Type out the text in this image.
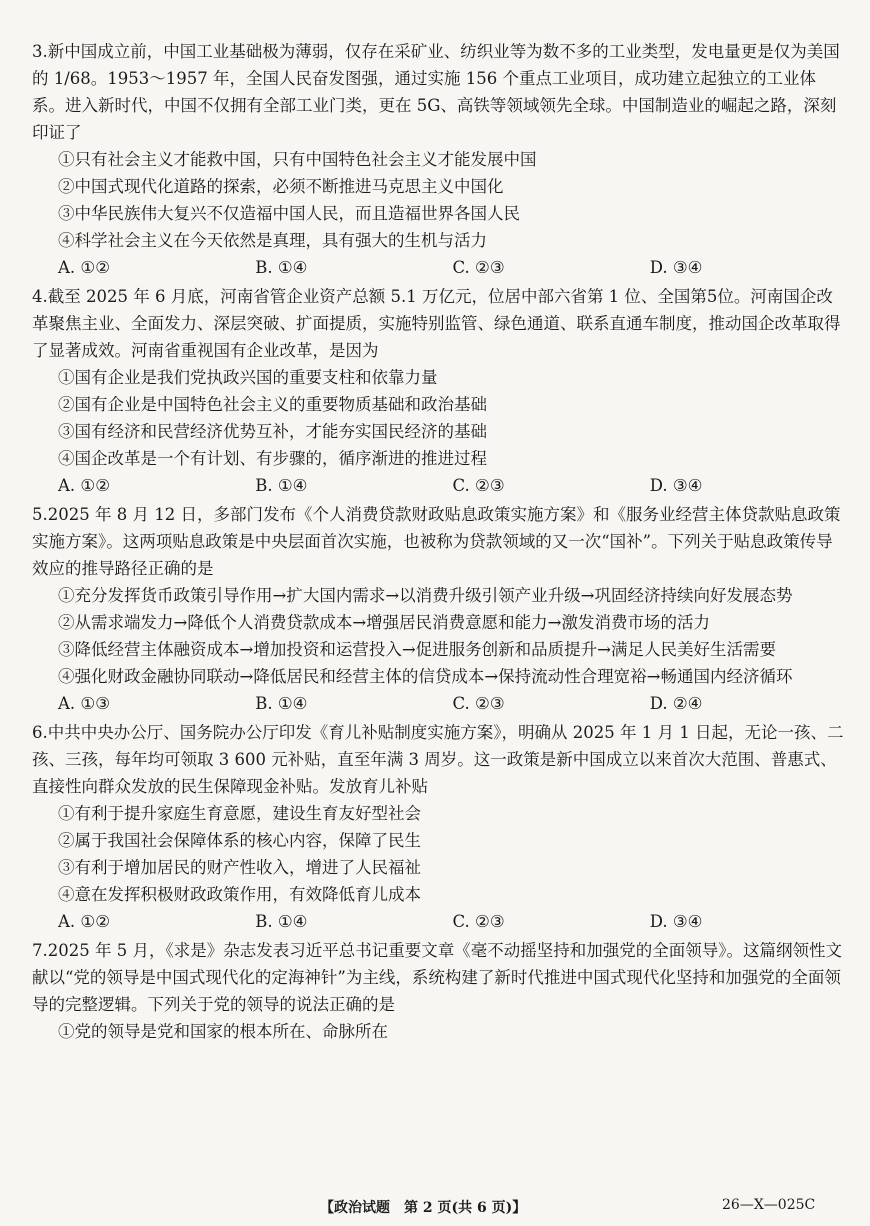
3.新中国成立前，中国工业基础极为薄弱，仅存在采矿业、纺织业等为数不多的工业类型，发电量更是仅为美国的 1/68。1953～1957 年，全国人民奋发图强，通过实施 156 个重点工业项目，成功建立起独立的工业体系。进入新时代，中国不仅拥有全部工业门类，更在 5G、高铁等领域领先全球。中国制造业的崛起之路，深刻印证了
①只有社会主义才能救中国，只有中国特色社会主义才能发展中国
②中国式现代化道路的探索，必须不断推进马克思主义中国化
③中华民族伟大复兴不仅造福中国人民，而且造福世界各国人民
④科学社会主义在今天依然是真理，具有强大的生机与活力
A. ①②	B. ①④	C. ②③	D. ③④
4.截至 2025 年 6 月底，河南省管企业资产总额 5.1 万亿元，位居中部六省第 1 位、全国第5位。河南国企改革聚焦主业、全面发力、深层突破、扩面提质，实施特别监管、绿色通道、联系直通车制度，推动国企改革取得了显著成效。河南省重视国有企业改革，是因为
①国有企业是我们党执政兴国的重要支柱和依靠力量
②国有企业是中国特色社会主义的重要物质基础和政治基础
③国有经济和民营经济优势互补，才能夯实国民经济的基础
④国企改革是一个有计划、有步骤的，循序渐进的推进过程
A. ①②	B. ①④	C. ②③	D. ③④
5.2025 年 8 月 12 日，多部门发布《个人消费贷款财政贴息政策实施方案》和《服务业经营主体贷款贴息政策实施方案》。这两项贴息政策是中央层面首次实施，也被称为贷款领域的又一次“国补”。下列关于贴息政策传导效应的推导路径正确的是
①充分发挥货币政策引导作用→扩大国内需求→以消费升级引领产业升级→巩固经济持续向好发展态势
②从需求端发力→降低个人消费贷款成本→增强居民消费意愿和能力→激发消费市场的活力
③降低经营主体融资成本→增加投资和运营投入→促进服务创新和品质提升→满足人民美好生活需要
④强化财政金融协同联动→降低居民和经营主体的信贷成本→保持流动性合理宽裕→畅通国内经济循环
A. ①③	B. ①④	C. ②③	D. ②④
6.中共中央办公厅、国务院办公厅印发《育儿补贴制度实施方案》，明确从 2025 年 1 月 1 日起，无论一孩、二孩、三孩，每年均可领取 3 600 元补贴，直至年满 3 周岁。这一政策是新中国成立以来首次大范围、普惠式、直接性向群众发放的民生保障现金补贴。发放育儿补贴
①有利于提升家庭生育意愿，建设生育友好型社会
②属于我国社会保障体系的核心内容，保障了民生
③有利于增加居民的财产性收入，增进了人民福祉
④意在发挥积极财政政策作用，有效降低育儿成本
A. ①②	B. ①④	C. ②③	D. ③④
7.2025 年 5 月，《求是》杂志发表习近平总书记重要文章《毫不动摇坚持和加强党的全面领导》。这篇纲领性文献以“党的领导是中国式现代化的定海神针”为主线，系统构建了新时代推进中国式现代化坚持和加强党的全面领导的完整逻辑。下列关于党的领导的说法正确的是
①党的领导是党和国家的根本所在、命脉所在
【政治试题　第 2 页(共 6 页)】	26—X—025C
